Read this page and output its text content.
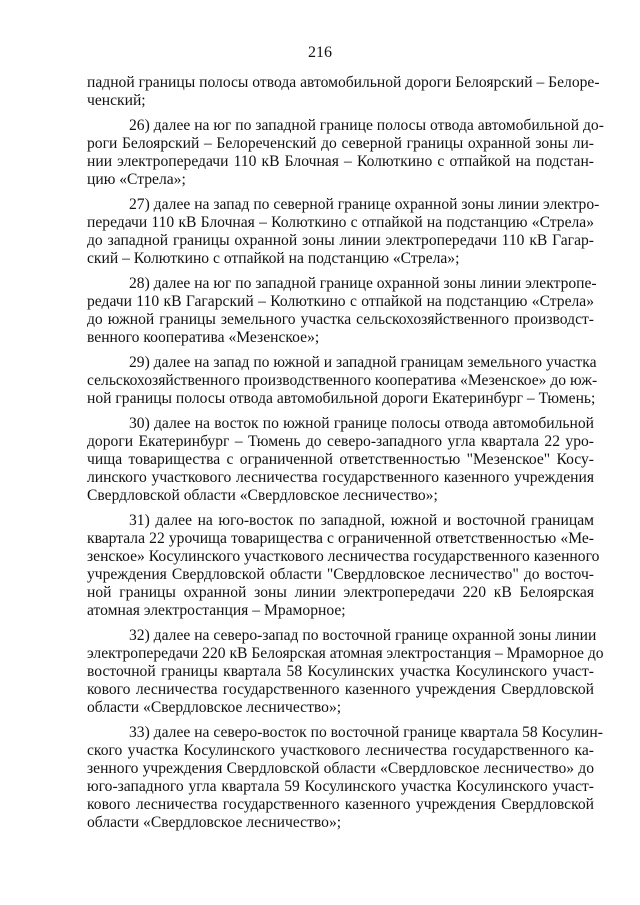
216
падной границы полосы отвода автомобильной дороги Белоярский – Белоре-
ченский;
26) далее на юг по западной границе полосы отвода автомобильной до-
роги Белоярский – Белореченский до северной границы охранной зоны ли-
нии электропередачи 110 кВ Блочная – Колюткино с отпайкой на подстан-
цию «Стрела»;
27) далее на запад по северной границе охранной зоны линии электро-
передачи 110 кВ Блочная – Колюткино с отпайкой на подстанцию «Стрела»
до западной границы охранной зоны линии электропередачи 110 кВ Гагар-
ский – Колюткино с отпайкой на подстанцию «Стрела»;
28) далее на юг по западной границе охранной зоны линии электропе-
редачи 110 кВ Гагарский – Колюткино с отпайкой на подстанцию «Стрела»
до южной границы земельного участка сельскохозяйственного производст-
венного кооператива «Мезенское»;
29) далее на запад по южной и западной границам земельного участка
сельскохозяйственного производственного кооператива «Мезенское» до юж-
ной границы полосы отвода автомобильной дороги Екатеринбург – Тюмень;
30) далее на восток по южной границе полосы отвода автомобильной
дороги Екатеринбург – Тюмень до северо-западного угла квартала 22 уро-
чища товарищества с ограниченной ответственностью "Мезенское" Косу-
линского участкового лесничества государственного казенного учреждения
Свердловской области «Свердловское лесничество»;
31) далее на юго-восток по западной, южной и восточной границам
квартала 22 урочища товарищества с ограниченной ответственностью «Ме-
зенское» Косулинского участкового лесничества государственного казенного
учреждения Свердловской области "Свердловское лесничество" до восточ-
ной границы охранной зоны линии электропередачи 220 кВ Белоярская
атомная электростанция – Мраморное;
32) далее на северо-запад по восточной границе охранной зоны линии
электропередачи 220 кВ Белоярская атомная электростанция – Мраморное до
восточной границы квартала 58 Косулинских участка Косулинского участ-
кового лесничества государственного казенного учреждения Свердловской
области «Свердловское лесничество»;
33) далее на северо-восток по восточной границе квартала 58 Косулин-
ского участка Косулинского участкового лесничества государственного ка-
зенного учреждения Свердловской области «Свердловское лесничество» до
юго-западного угла квартала 59 Косулинского участка Косулинского участ-
кового лесничества государственного казенного учреждения Свердловской
области «Свердловское лесничество»;
